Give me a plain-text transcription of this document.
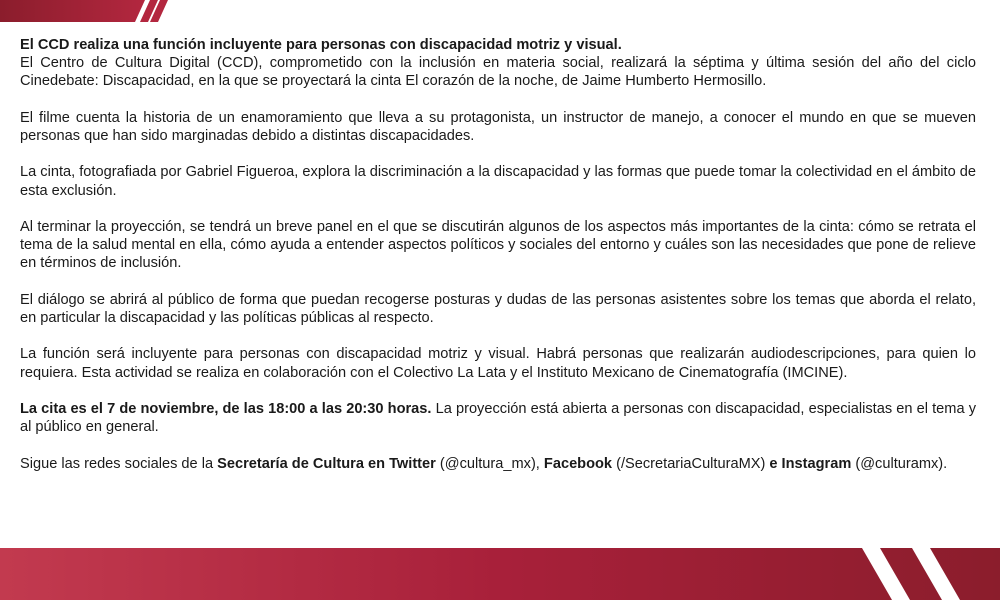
El CCD realiza una función incluyente para personas con discapacidad motriz y visual.
El Centro de Cultura Digital (CCD), comprometido con la inclusión en materia social, realizará la séptima y última sesión del año del ciclo Cinedebate: Discapacidad, en la que se proyectará la cinta El corazón de la noche, de Jaime Humberto Hermosillo.

El filme cuenta la historia de un enamoramiento que lleva a su protagonista, un instructor de manejo, a conocer el mundo en que se mueven personas que han sido marginadas debido a distintas discapacidades.

La cinta, fotografiada por Gabriel Figueroa, explora la discriminación a la discapacidad y las formas que puede tomar la colectividad en el ámbito de esta exclusión.

Al terminar la proyección, se tendrá un breve panel en el que se discutirán algunos de los aspectos más importantes de la cinta: cómo se retrata el tema de la salud mental en ella, cómo ayuda a entender aspectos políticos y sociales del entorno y cuáles son las necesidades que pone de relieve en términos de inclusión.

El diálogo se abrirá al público de forma que puedan recogerse posturas y dudas de las personas asistentes sobre los temas que aborda el relato, en particular la discapacidad y las políticas públicas al respecto.

La función será incluyente para personas con discapacidad motriz y visual. Habrá personas que realizarán audiodescripciones, para quien lo requiera. Esta actividad se realiza en colaboración con el Colectivo La Lata y el Instituto Mexicano de Cinematografía (IMCINE).

La cita es el 7 de noviembre, de las 18:00 a las 20:30 horas. La proyección está abierta a personas con discapacidad, especialistas en el tema y al público en general.

Sigue las redes sociales de la Secretaría de Cultura en Twitter (@cultura_mx), Facebook (/SecretariaCulturaMX) e Instagram (@culturamx).
